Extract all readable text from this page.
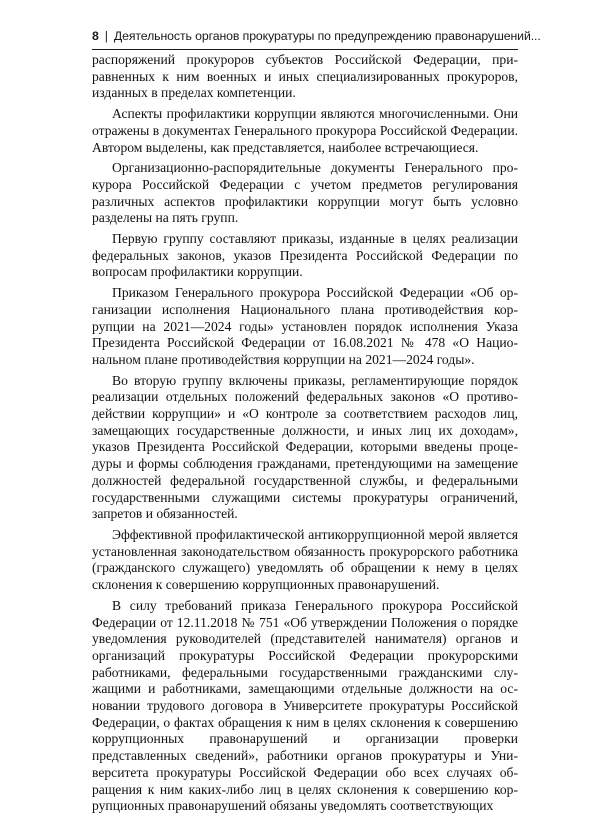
8 | Деятельность органов прокуратуры по предупреждению правонарушений...

распоряжений прокуроров субъектов Российской Федерации, приравненных к ним военных и иных специализированных прокуроров, изданных в пределах компетенции.

Аспекты профилактики коррупции являются многочисленными. Они отражены в документах Генерального прокурора Российской Федерации. Автором выделены, как представляется, наиболее встречающиеся.

Организационно-распорядительные документы Генерального прокурора Российской Федерации с учетом предметов регулирования различных аспектов профилактики коррупции могут быть условно разделены на пять групп.

Первую группу составляют приказы, изданные в целях реализации федеральных законов, указов Президента Российской Федерации по вопросам профилактики коррупции.

Приказом Генерального прокурора Российской Федерации «Об организации исполнения Национального плана противодействия коррупции на 2021—2024 годы» установлен порядок исполнения Указа Президента Российской Федерации от 16.08.2021 № 478 «О Национальном плане противодействия коррупции на 2021—2024 годы».

Во вторую группу включены приказы, регламентирующие порядок реализации отдельных положений федеральных законов «О противодействии коррупции» и «О контроле за соответствием расходов лиц, замещающих государственные должности, и иных лиц их доходам», указов Президента Российской Федерации, которыми введены процедуры и формы соблюдения гражданами, претендующими на замещение должностей федеральной государственной службы, и федеральными государственными служащими системы прокуратуры ограничений, запретов и обязанностей.

Эффективной профилактической антикоррупционной мерой является установленная законодательством обязанность прокурорского работника (гражданского служащего) уведомлять об обращении к нему в целях склонения к совершению коррупционных правонарушений.

В силу требований приказа Генерального прокурора Российской Федерации от 12.11.2018 № 751 «Об утверждении Положения о порядке уведомления руководителей (представителей нанимателя) органов и организаций прокуратуры Российской Федерации прокурорскими работниками, федеральными государственными гражданскими служащими и работниками, замещающими отдельные должности на основании трудового договора в Университете прокуратуры Российской Федерации, о фактах обращения к ним в целях склонения к совершению коррупционных правонарушений и организации проверки представленных сведений», работники органов прокуратуры и Университета прокуратуры Российской Федерации обо всех случаях обращения к ним каких-либо лиц в целях склонения к совершению коррупционных правонарушений обязаны уведомлять соответствующих
